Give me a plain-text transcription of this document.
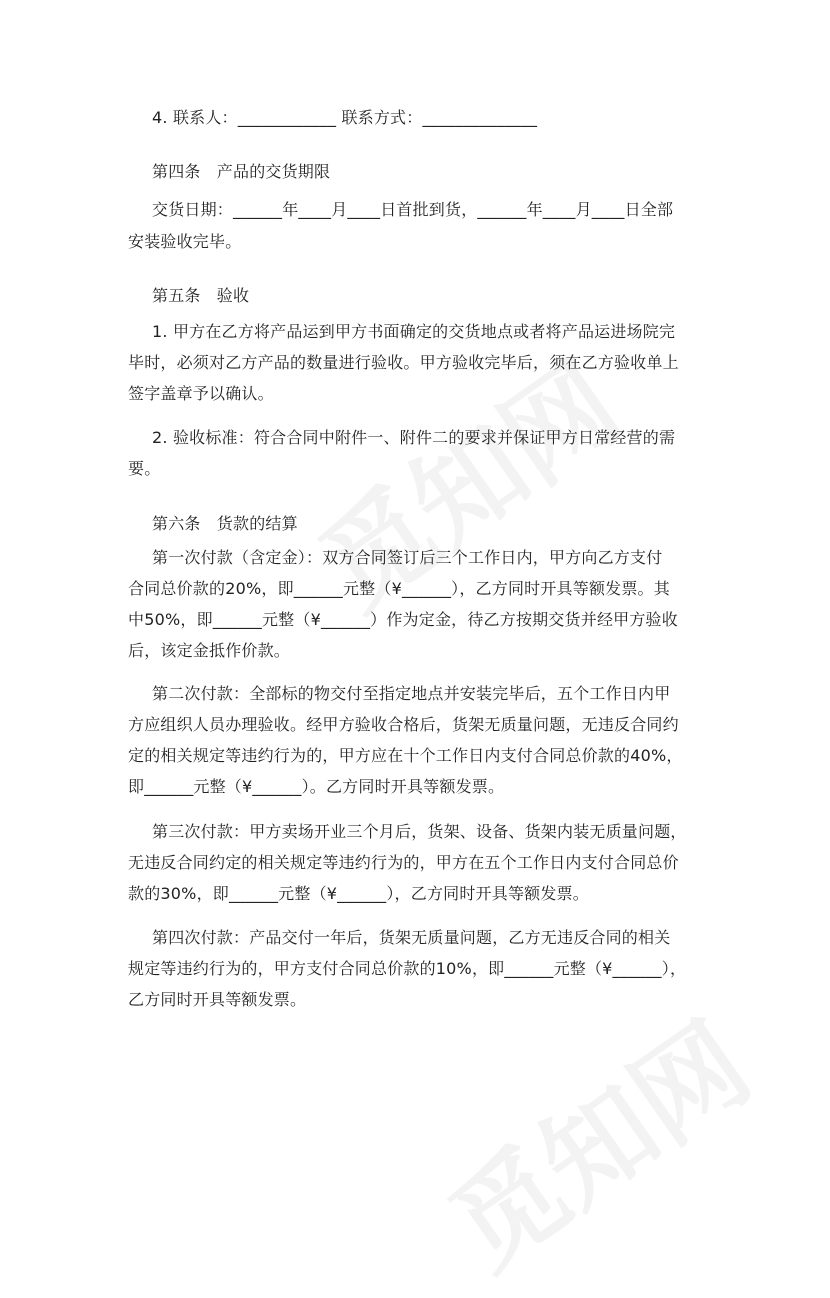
4. 联系人：____________ 联系方式：______________
第四条　产品的交货期限
交货日期：______年____月____日首批到货，______年____月____日全部
安装验收完毕。
第五条　验收
1. 甲方在乙方将产品运到甲方书面确定的交货地点或者将产品运进场院完
毕时，必须对乙方产品的数量进行验收。甲方验收完毕后，须在乙方验收单上
签字盖章予以确认。
2. 验收标准：符合合同中附件一、附件二的要求并保证甲方日常经营的需
要。
第六条　货款的结算
第一次付款（含定金）：双方合同签订后三个工作日内，甲方向乙方支付
合同总价款的20%，即______元整（¥______），乙方同时开具等额发票。其
中50%，即______元整（¥______）作为定金，待乙方按期交货并经甲方验收
后，该定金抵作价款。
第二次付款：全部标的物交付至指定地点并安装完毕后，五个工作日内甲
方应组织人员办理验收。经甲方验收合格后，货架无质量问题，无违反合同约
定的相关规定等违约行为的，甲方应在十个工作日内支付合同总价款的40%，
即______元整（¥______）。乙方同时开具等额发票。
第三次付款：甲方卖场开业三个月后，货架、设备、货架内装无质量问题，
无违反合同约定的相关规定等违约行为的，甲方在五个工作日内支付合同总价
款的30%，即______元整（¥______），乙方同时开具等额发票。
第四次付款：产品交付一年后，货架无质量问题，乙方无违反合同的相关
规定等违约行为的，甲方支付合同总价款的10%，即______元整（¥______），
乙方同时开具等额发票。
